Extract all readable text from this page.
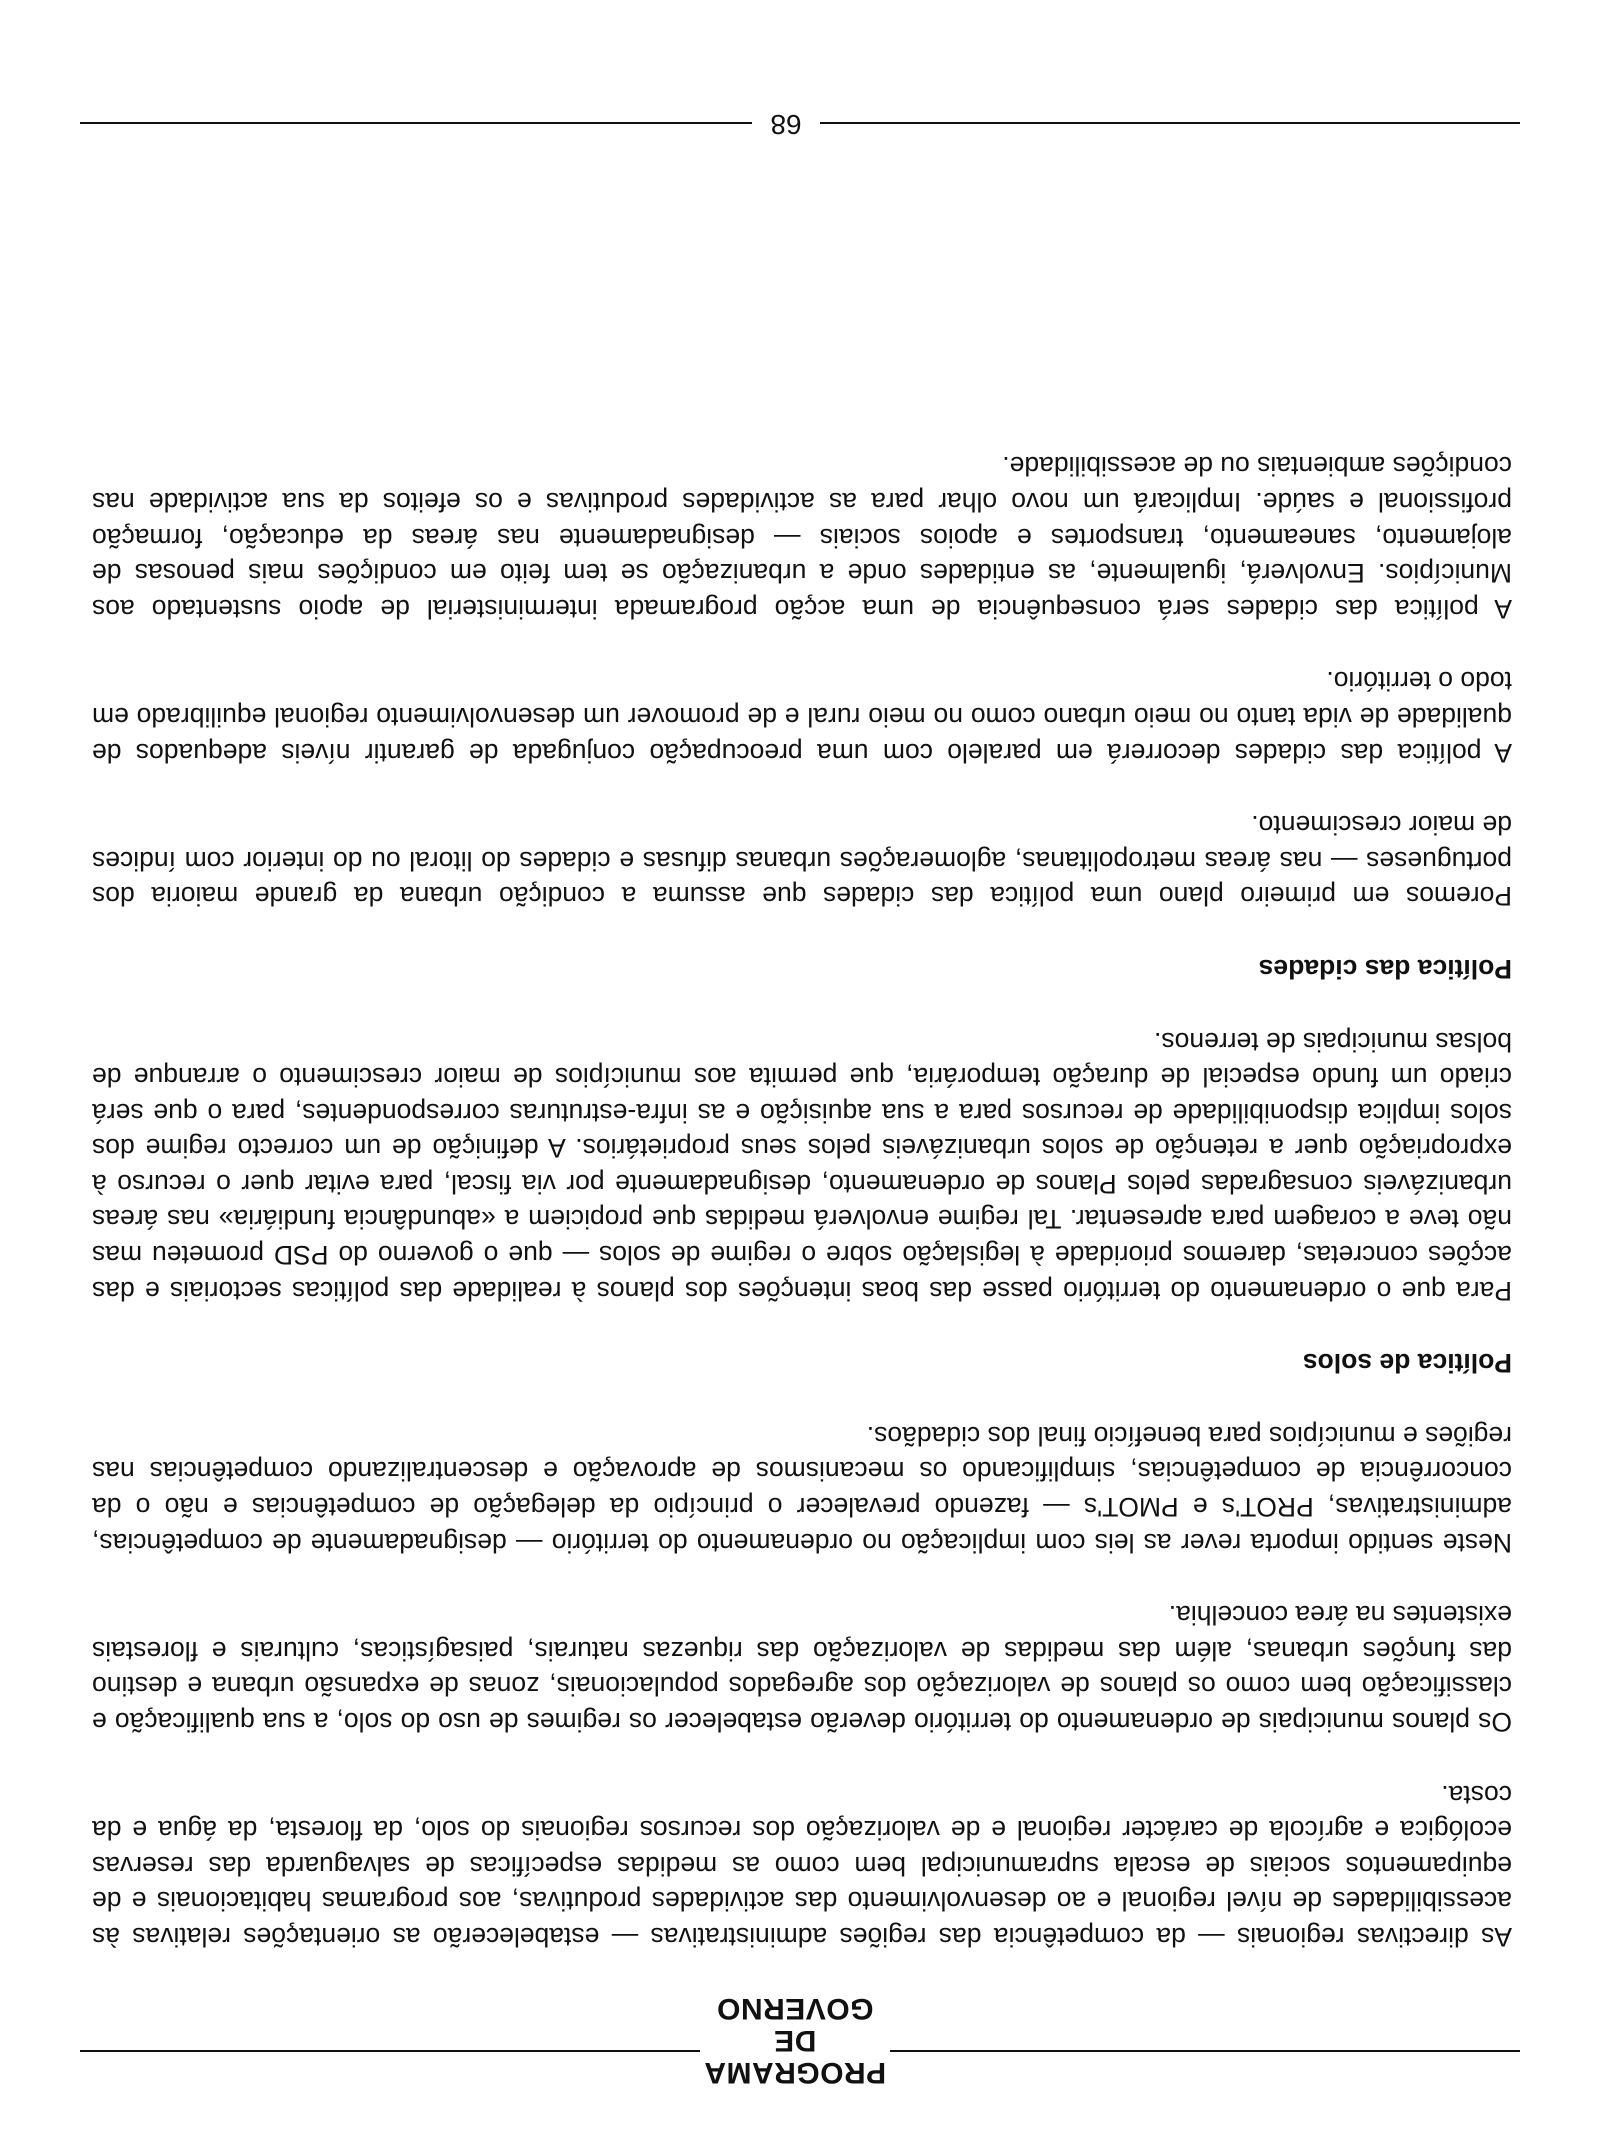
PROGRAMA
DE GOVERNO

As directivas regionais — da competência das regiões administrativas — estabelecerão as orientações relativas às acessibilidades de nível regional e ao desenvolvimento das actividades produtivas, aos programas habitacionais e de equipamentos sociais de escala supramunicipal bem como as medidas específicas de salvaguarda das reservas ecológica e agrícola de carácter regional e de valorização dos recursos regionais do solo, da floresta, da água e da costa.

Os planos municipais de ordenamento do território deverão estabelecer os regimes de uso do solo, a sua qualificação e classificação bem como os planos de valorização dos agregados populacionais, zonas de expansão urbana e destino das funções urbanas, além das medidas de valorização das riquezas naturais, paisagísticas, culturais e florestais existentes na área concelhia.

Neste sentido importa rever as leis com implicação no ordenamento do território — designadamente de competências, administrativas, PROT's e PMOT's — fazendo prevalecer o princípio da delegação de competências e não o da concorrência de competências, simplificando os mecanismos de aprovação e descentralizando competências nas regiões e municípios para benefício final dos cidadãos.

Política de solos

Para que o ordenamento do território passe das boas intenções dos planos à realidade das políticas sectoriais e das acções concretas, daremos prioridade à legislação sobre o regime de solos — que o governo do PSD prometeu mas não teve a coragem para apresentar. Tal regime envolverá medidas que propiciem a «abundância fundiária» nas áreas urbanizáveis consagradas pelos Planos de ordenamento, designadamente por via fiscal, para evitar quer o recurso à expropriação quer a retenção de solos urbanizáveis pelos seus proprietários. A definição de um correcto regime dos solos implica disponibilidade de recursos para a sua aquisição e as infra-estruturas correspondentes, para o que será criado um fundo especial de duração temporária, que permita aos municípios de maior crescimento o arranque de bolsas municipais de terrenos.

Política das cidades

Poremos em primeiro plano uma política das cidades que assuma a condição urbana da grande maioria dos portugueses — nas áreas metropolitanas, aglomerações urbanas difusas e cidades do litoral ou do interior com índices de maior crescimento.

A política das cidades decorrerá em paralelo com uma preocupação conjugada de garantir níveis adequados de qualidade de vida tanto no meio urbano como no meio rural e de promover um desenvolvimento regional equilibrado em todo o território.

A política das cidades será consequência de uma acção programada interministerial de apoio sustentado aos Municípios. Envolverá, igualmente, as entidades onde a urbanização se tem feito em condições mais penosas de alojamento, saneamento, transportes e apoios sociais — designadamente nas áreas da educação, formação profissional e saúde. Implicará um novo olhar para as actividades produtivas e os efeitos da sua actividade nas condições ambientais ou de acessibilidade.

68
